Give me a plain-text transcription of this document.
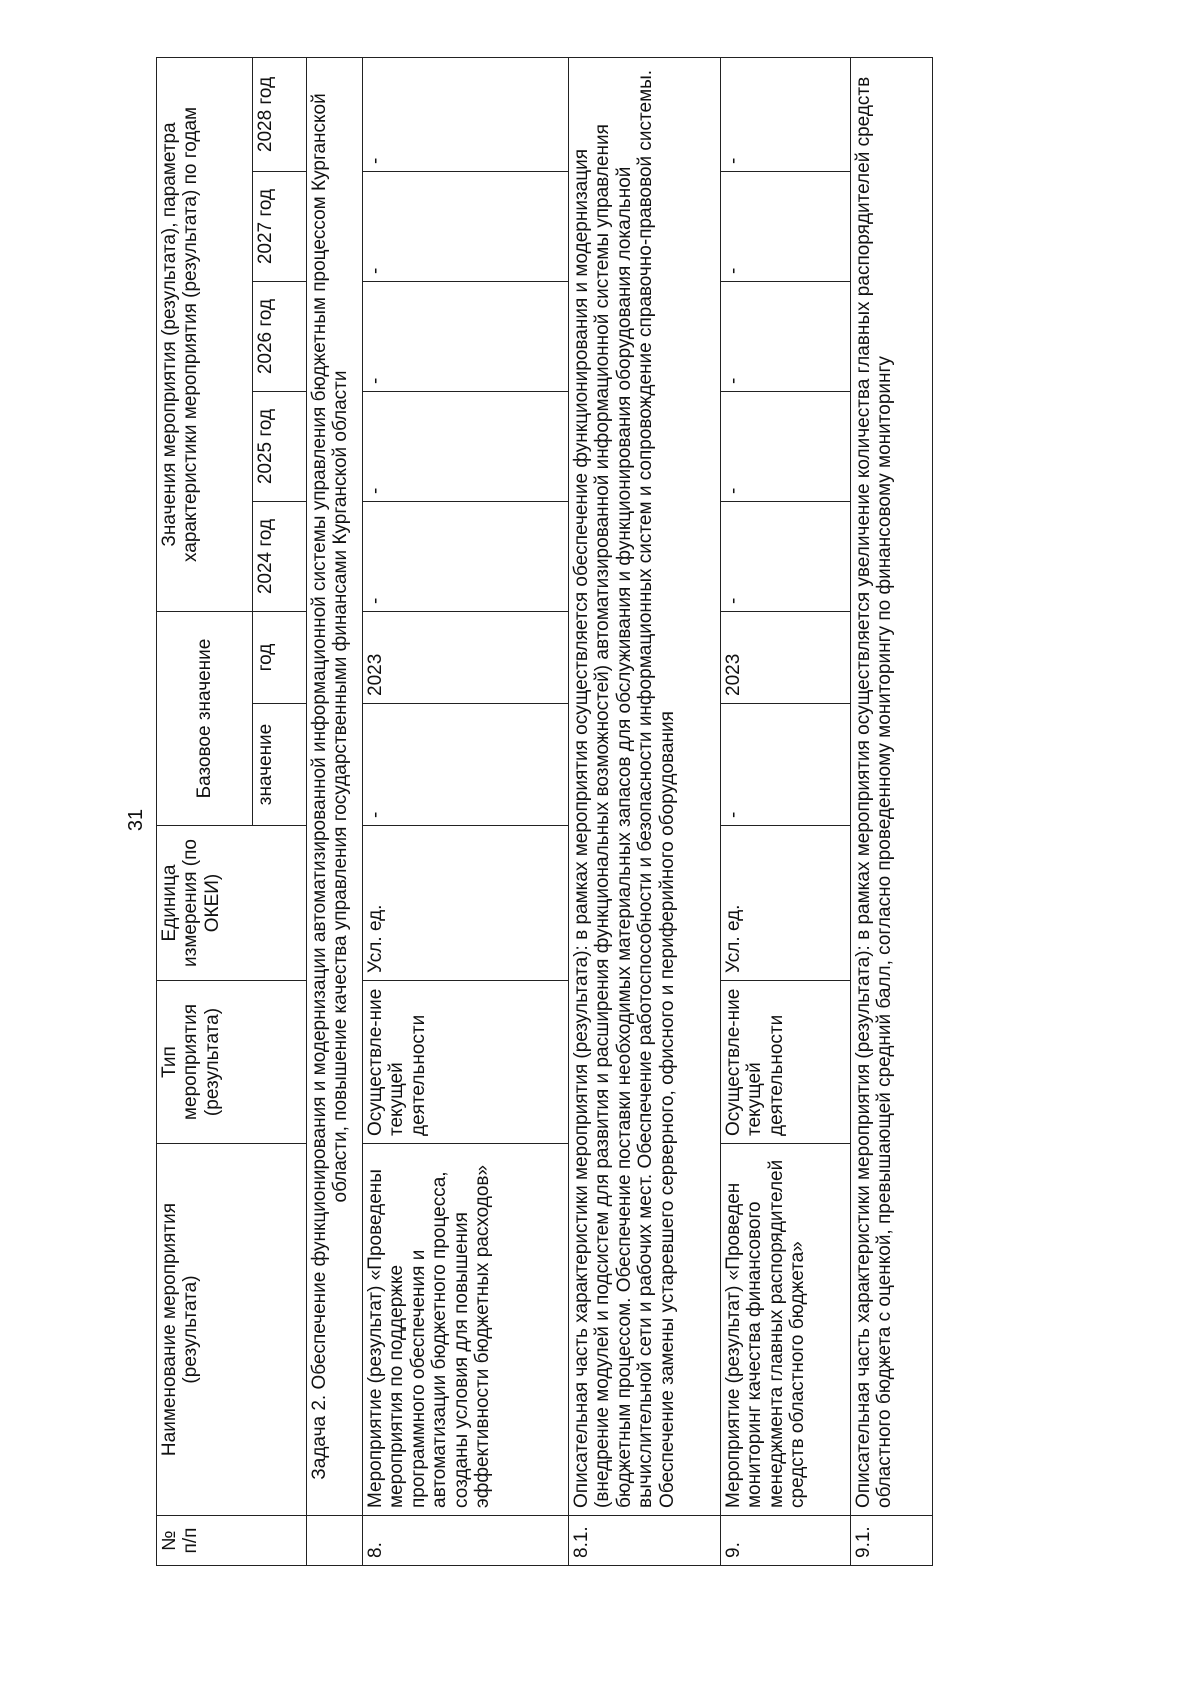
31
№ п/п	Наименование мероприятия (результата)	Тип мероприятия (результата)	Единица измерения (по ОКЕИ)	Базовое значение		Значения мероприятия (результата), параметра характеристики мероприятия (результата) по годам				
				значение	год	2024 год	2025 год	2026 год	2027 год	2028 год
	Задача 2. Обеспечение функционирования и модернизации автоматизированной информационной системы управления бюджетным процессом Курганской области, повышение качества управления государственными финансами Курганской области									
8.	Мероприятие (результат) «Проведены мероприятия по поддержке программного обеспечения и автоматизации бюджетного процесса, созданы условия для повышения эффективности бюджетных расходов»	Осуществле-ние текущей деятельности	Усл. ед.	-	2023	-	-	-	-	-
8.1.	Описательная часть характеристики мероприятия (результата): в рамках мероприятия осуществляется обеспечение функционирования и модернизация (внедрение модулей и подсистем для развития и расширения функциональных возможностей) автоматизированной информационной системы управления бюджетным процессом. Обеспечение поставки необходимых материальных запасов для обслуживания и функционирования оборудования локальной вычислительной сети и рабочих мест. Обеспечение работоспособности и безопасности информационных систем и сопровождение справочно-правовой системы. Обеспечение замены устаревшего серверного, офисного и периферийного оборудования									
9.	Мероприятие (результат) «Проведен мониторинг качества финансового менеджмента главных распорядителей средств областного бюджета»	Осуществле-ние текущей деятельности	Усл. ед.	-	2023	-	-	-	-	-
9.1.	Описательная часть характеристики мероприятия (результата): в рамках мероприятия осуществляется увеличение количества главных распорядителей средств областного бюджета с оценкой, превышающей средний балл, согласно проведенному мониторингу по финансовому мониторингу									
